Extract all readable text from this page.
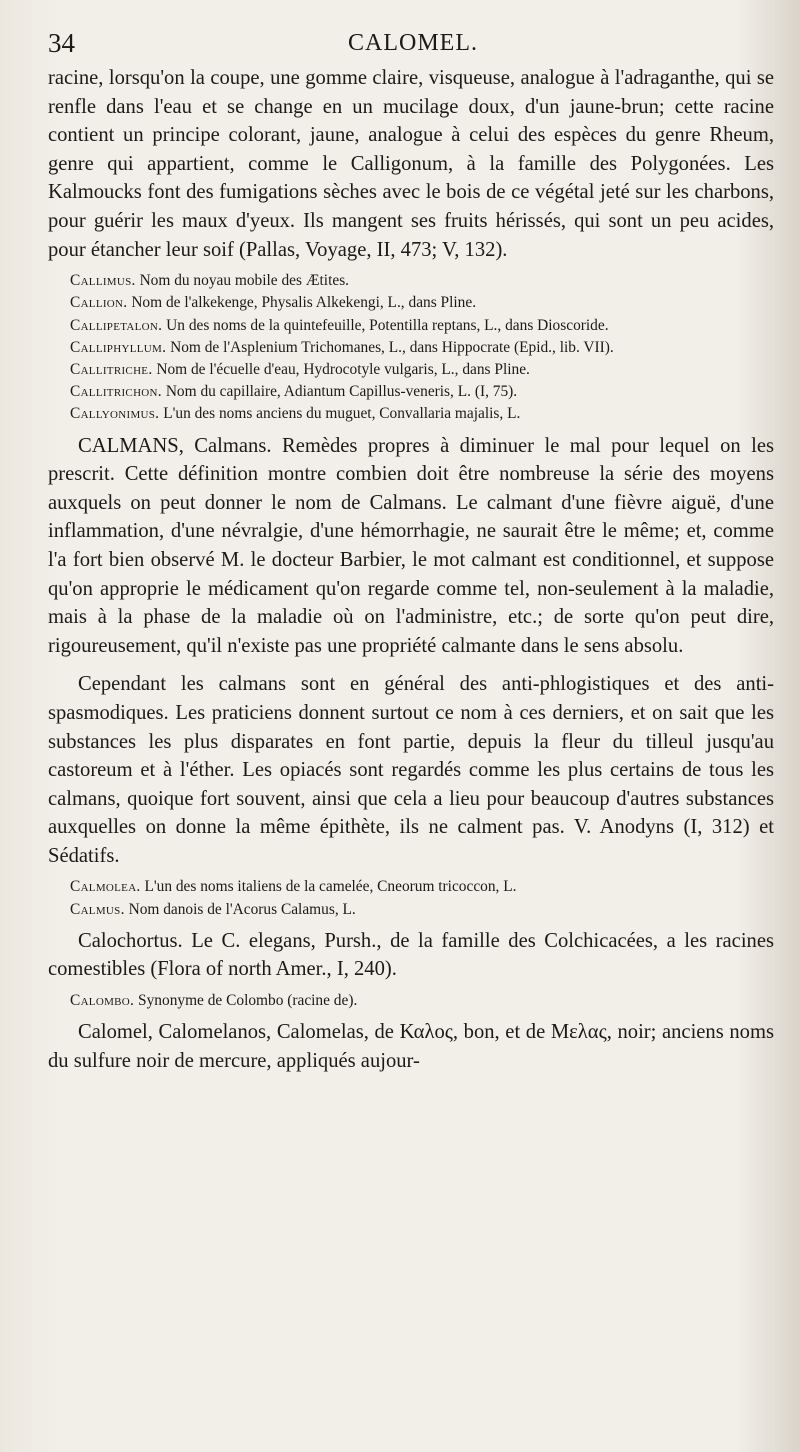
34	CALOMEL.

racine, lorsqu'on la coupe, une gomme claire, visqueuse, analogue à l'adraganthe, qui se renfle dans l'eau et se change en un mucilage doux, d'un jaune-brun; cette racine contient un principe colorant, jaune, analogue à celui des espèces du genre Rheum, genre qui appartient, comme le Calligonum, à la famille des Polygonées. Les Kalmoucks font des fumigations sèches avec le bois de ce végétal jeté sur les charbons, pour guérir les maux d'yeux. Ils mangent ses fruits hérissés, qui sont un peu acides, pour étancher leur soif (Pallas, Voyage, II, 473; V, 132).

Callimus. Nom du noyau mobile des Ætites.

Callion. Nom de l'alkekenge, Physalis Alkekengi, L., dans Pline.

Callipetalon. Un des noms de la quintefeuille, Potentilla reptans, L., dans Dioscoride.

Calliphyllum. Nom de l'Asplenium Trichomanes, L., dans Hippocrate (Epid., lib. VII).

Callitriche. Nom de l'écuelle d'eau, Hydrocotyle vulgaris, L., dans Pline.

Callitrichon. Nom du capillaire, Adiantum Capillus-veneris, L. (I, 75).

Callyonimus. L'un des noms anciens du muguet, Convallaria majalis, L.

CALMANS, Calmans. Remèdes propres à diminuer le mal pour lequel on les prescrit. Cette définition montre combien doit être nombreuse la série des moyens auxquels on peut donner le nom de Calmans. Le calmant d'une fièvre aiguë, d'une inflammation, d'une névralgie, d'une hémorrhagie, ne saurait être le même; et, comme l'a fort bien observé M. le docteur Barbier, le mot calmant est conditionnel, et suppose qu'on approprie le médicament qu'on regarde comme tel, non-seulement à la maladie, mais à la phase de la maladie où on l'administre, etc.; de sorte qu'on peut dire, rigoureusement, qu'il n'existe pas une propriété calmante dans le sens absolu.

Cependant les calmans sont en général des anti-phlogistiques et des anti-spasmodiques. Les praticiens donnent surtout ce nom à ces derniers, et on sait que les substances les plus disparates en font partie, depuis la fleur du tilleul jusqu'au castoreum et à l'éther. Les opiacés sont regardés comme les plus certains de tous les calmans, quoique fort souvent, ainsi que cela a lieu pour beaucoup d'autres substances auxquelles on donne la même épithète, ils ne calment pas. V. Anodyns (I, 312) et Sédatifs.

Calmolea. L'un des noms italiens de la camelée, Cneorum tricoccon, L.

Calmus. Nom danois de l'Acorus Calamus, L.

Calochortus. Le C. elegans, Pursh., de la famille des Colchicacées, a les racines comestibles (Flora of north Amer., I, 240).

Calombo. Synonyme de Colombo (racine de).

Calomel, Calomelanos, Calomelas, de Καλος, bon, et de Μελας, noir; anciens noms du sulfure noir de mercure, appliqués aujour-
